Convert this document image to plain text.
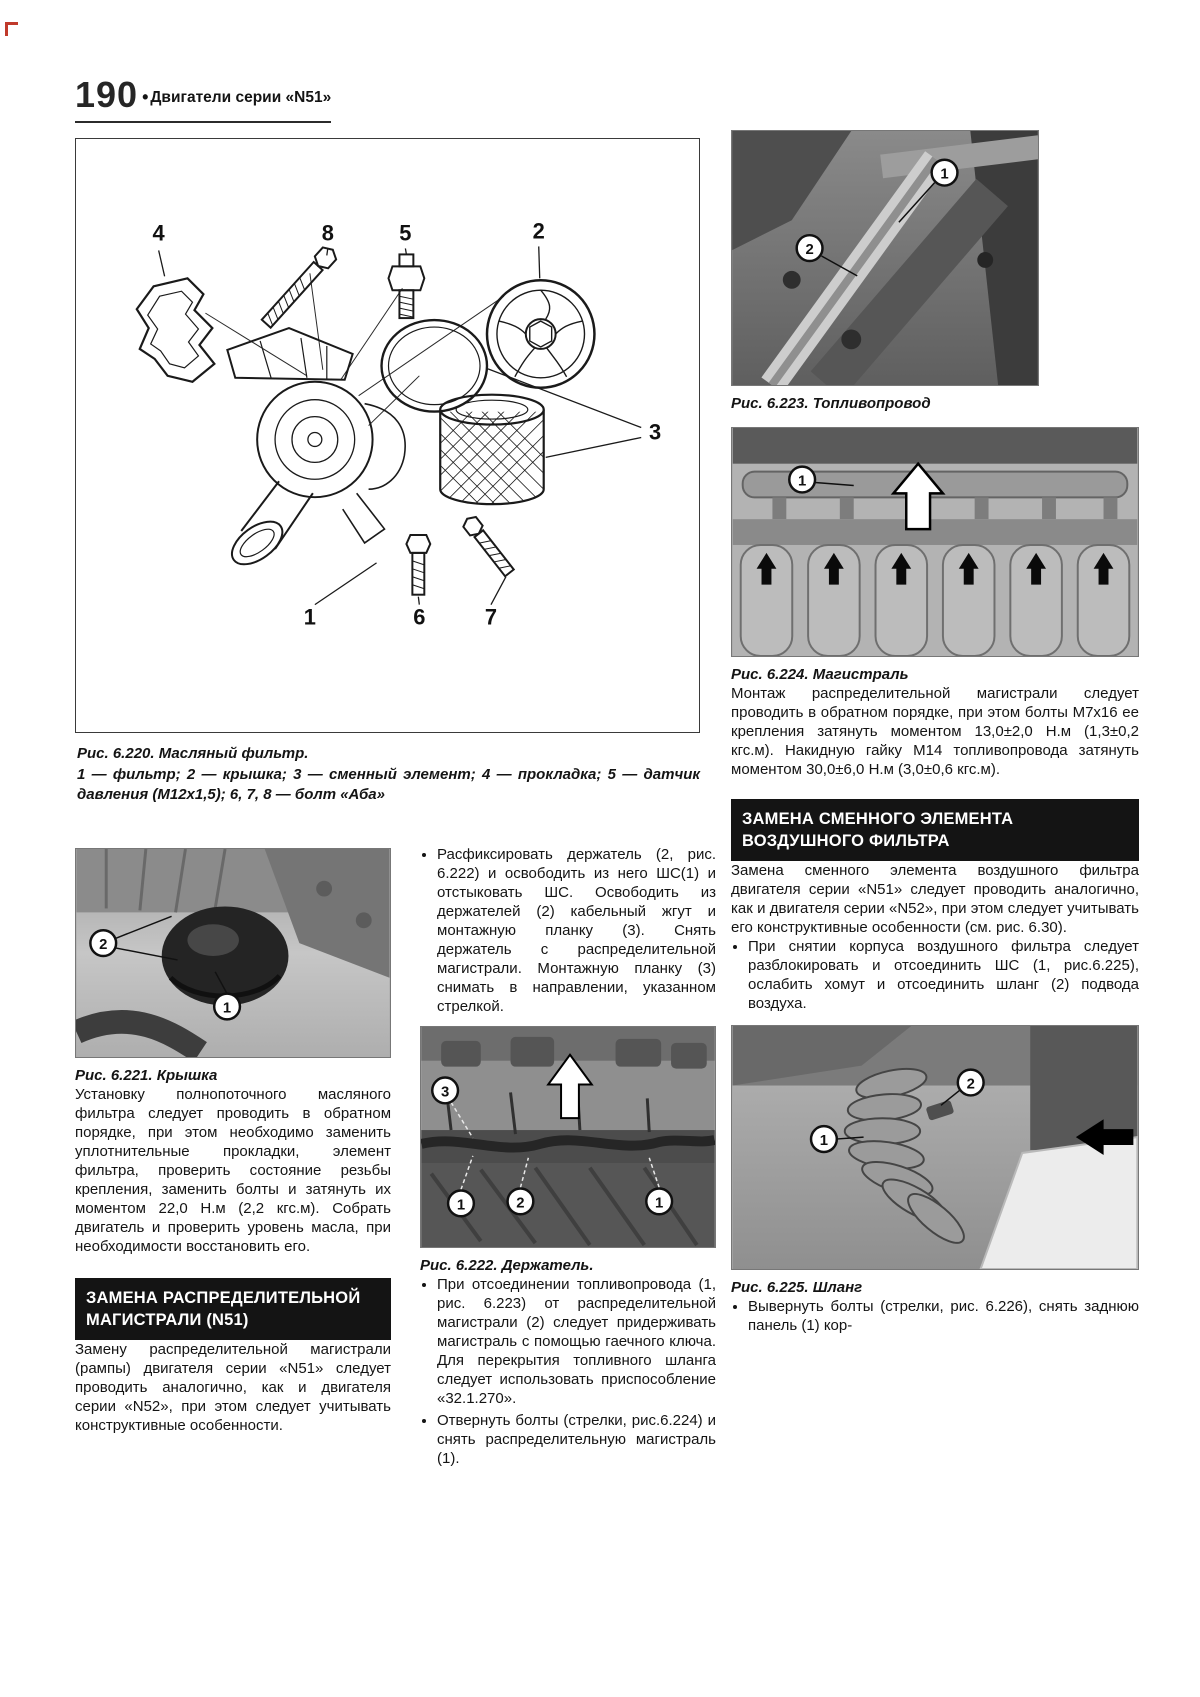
190 • Двигатели серии «N51»
4	8	5	2
3
1	6	7
Рис. 6.220. Масляный фильтр.
1 — фильтр; 2 — крышка; 3 — сменный элемент; 4 — прокладка; 5 — датчик давления (М12х1,5); 6, 7, 8 — болт «Аба»
2
1
Рис. 6.221. Крышка

Установку полнопоточного масляного фильтра следует проводить в обратном порядке, при этом необходимо заменить уплотнительные прокладки, элемент фильтра, проверить состояние резьбы крепления, заменить болты и затянуть их моментом 22,0 Н.м (2,2 кгс.м). Собрать двигатель и проверить уровень масла, при необходимости восстановить его.

ЗАМЕНА РАСПРЕДЕЛИТЕЛЬНОЙ МАГИСТРАЛИ (N51)

Замену распределительной магистрали (рампы) двигателя серии «N51» следует проводить аналогично, как и двигателя серии «N52», при этом следует учитывать конструктивные особенности.

• Расфиксировать держатель (2, рис. 6.222) и освободить из него ШС(1) и отстыковать ШС. Освободить из держателей (2) кабельный жгут и монтажную планку (3). Снять держатель с распределительной магистрали. Монтажную планку (3) снимать в направлении, указанном стрелкой.
3
1	2	1
Рис. 6.222. Держатель.
• При отсоединении топливопровода (1, рис. 6.223) от распределительной магистрали (2) следует придерживать магистраль с помощью гаечного ключа. Для перекрытия топливного шланга следует использовать приспособление «32.1.270».
• Отвернуть болты (стрелки, рис.6.224) и снять распределительную магистраль (1).
1
2
Рис. 6.223. Топливопровод
1
Рис. 6.224. Магистраль

Монтаж распределительной магистрали следует проводить в обратном порядке, при этом болты М7х16 ее крепления затянуть моментом 13,0±2,0 Н.м (1,3±0,2 кгс.м). Накидную гайку М14 топливопровода затянуть моментом 30,0±6,0 Н.м (3,0±0,6 кгс.м).

ЗАМЕНА СМЕННОГО ЭЛЕМЕНТА ВОЗДУШНОГО ФИЛЬТРА

Замена сменного элемента воздушного фильтра двигателя серии «N51» следует проводить аналогично, как и двигателя серии «N52», при этом следует учитывать его конструктивные особенности (см. рис. 6.30).

• При снятии корпуса воздушного фильтра следует разблокировать и отсоединить ШС (1, рис.6.225), ослабить хомут и отсоединить шланг (2) подвода воздуха.
2
1
Рис. 6.225. Шланг
• Вывернуть болты (стрелки, рис. 6.226), снять заднюю панель (1) кор-
